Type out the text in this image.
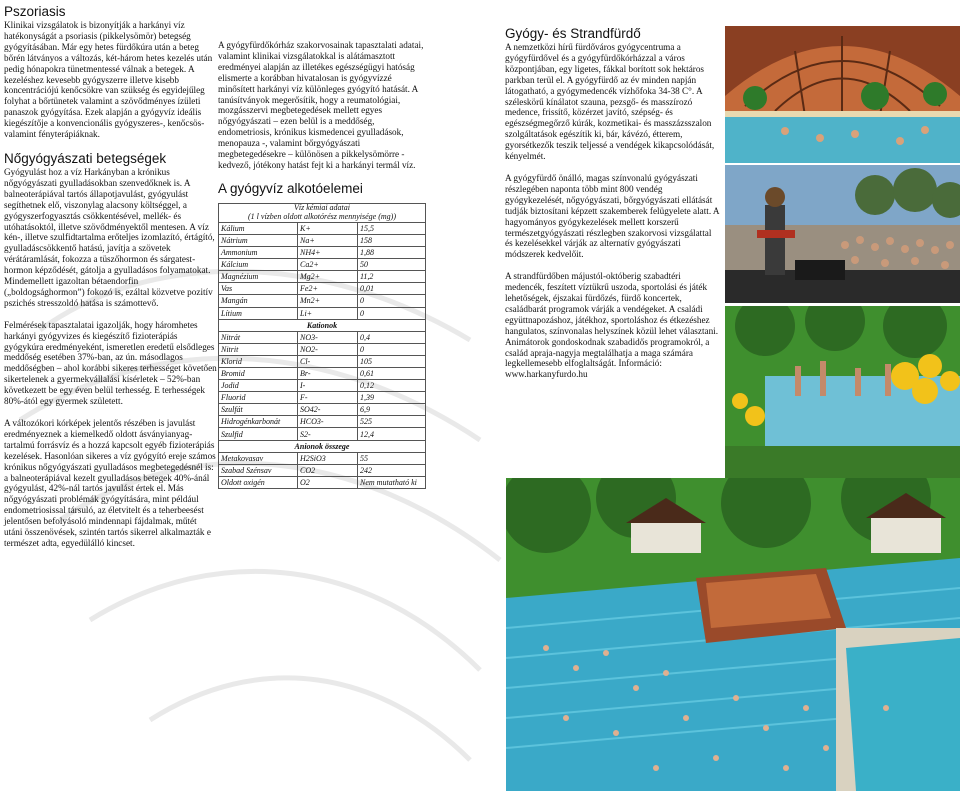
Pszoriasis

Klinikai vizsgálatok is bizonyítják a harkányi víz hatékonyságát a psoriasis (pikkelysömör) betegség gyógyításában. Már egy hetes fürdőkúra után a beteg bőrén látványos a változás, két-három hetes kezelés után pedig hónapokra tünetmentessé válnak a betegek. A kezeléshez kevesebb gyógyszerre illetve kisebb koncentrációjú kenőcsökre van szükség és egyidejűleg folyhat a bőrtünetek valamint a szövődményes ízületi panaszok gyógyítása. Ezek alapján a gyógyvíz ideális kiegészítője a konvencionális gyógyszeres-, kenőcsös- valamint fényterápiáknak.

Nőgyógyászati betegségek

Gyógyulást hoz a víz Harkányban a krónikus nőgyógyászati gyulladásokban szenvedőknek is. A balneoterápiával tartós állapotjavulást, gyógyulást segíthetnek elő, viszonylag alacsony költséggel, a gyógyszerfogyasztás csökkentésével, mellék- és utóhatásoktól, illetve szövődményektől mentesen. A víz kén-, illetve szulfidtartalma erőteljes izomlazító, értágító, gyulladáscsökkentő hatású, javítja a szövetek vérátáramlását, fokozza a tüszőhormon és sárgatest-hormon képződését, gátolja a gyulladásos folyamatokat. Mindemellett igazoltan bétaendorfin („boldogsághormon”) fokozó is, ezáltal közvetve pozitív pszichés stresszoldó hatása is számottevő.

Felmérések tapasztalatai igazolják, hogy háromhetes harkányi gyógyvizes és kiegészítő fizioterápiás gyógykúra eredményeként, ismeretlen eredetű elsődleges meddőség esetében 37%-ban, az ún. másodlagos meddőségben – ahol korábbi sikeres terhességet követően sikertelenek a gyermekvállalási kísérletek – 52%-ban következett be egy éven belül terhesség. E terhességek 80%-ától egy gyermek született.

A változókori kórképek jelentős részében is javulást eredményeznek a kiemelkedő oldott ásványianyag-tartalmú forrásvíz és a hozzá kapcsolt egyéb fizioterápiás kezelések. Hasonlóan sikeres a víz gyógyító ereje számos krónikus nőgyógyászati gyulladásos megbetegedésnél is: a balneoterápiával kezelt gyulladásos betegek 40%-ánál gyógyulást, 42%-nál tartós javulást értek el. Más nőgyógyászati problémák gyógyítására, mint például endometriosissal társuló, az életvitelt és a teherbeesést jelentősen befolyásoló mindennapi fájdalmak, műtét utáni összenövések, szintén tartós sikerrel alkalmazták e természet adta, egyedülálló kincset.

A gyógyfürdőkórház szakorvosainak tapasztalati adatai, valamint klinikai vizsgálatokkal is alátámasztott eredményei alapján az illetékes egészségügyi hatóság elismerte a korábban hivatalosan is gyógyvízzé minősített harkányi víz különleges gyógyító hatását. A tanúsítványok megerősítik, hogy a reumatológiai, mozgásszervi megbetegedések mellett egyes nőgyógyászati – ezen belül is a meddőség, endometriosis, krónikus kismedencei gyulladások, menopauza -, valamint bőrgyógyászati megbetegedésekre – különösen a pikkelysömörre - kedvező, jótékony hatást fejt ki a harkányi termál víz.

A gyógyvíz alkotóelemei
Víz kémiai adatai
(1 l vízben oldott alkotórész mennyisége (mg))		
Kálium	K+	15,5
Nátrium	Na+	158
Ammonium	NH4+	1,88
Kálcium	Ca2+	50
Magnézium	Mg2+	11,2
Vas	Fe2+	0,01
Mangán	Mn2+	0
Lítium	Li+	0
Kationok		
Nitrát	NO3-	0,4
Nitrit	NO2-	0
Klorid	Cl-	105
Bromid	Br-	0,61
Jodid	I-	0,12
Fluorid	F-	1,39
Szulfát	SO42-	6,9
Hidrogénkarbonát	HCO3-	525
Szulfid	S2-	12,4
Anionok összege		
Metakovasav	H2SiO3	55
Szabad Szénsav	CO2	242
Oldott oxigén	O2	Nem mutatható ki
Gyógy- és Strandfürdő

A nemzetközi hírű fürdőváros gyógycentruma a gyógyfürdővel és a gyógyfürdőkórházzal a város központjában, egy ligetes, fákkal borított sok hektáros parkban terül el. A gyógyfürdő az év minden napján látogatható, a gyógymedencék vízhőfoka 34-38 C°. A széleskörű kínálatot szauna, pezsgő- és masszírozó medence, frissítő, közérzet javító, szépség- és egészségmegőrző kúrák, kozmetikai- és masszázsszalon szolgáltatások egészítik ki, bár, kávézó, étterem, gyorsétkezők teszik teljessé a vendégek kikapcsolódását, kényelmét.

A gyógyfürdő önálló, magas színvonalú gyógyászati részlegében naponta több mint 800 vendég gyógykezelését, nőgyógyászati, bőrgyógyászati ellátását tudják biztosítani képzett szakemberek felügyelete alatt. A hagyományos gyógykezelések mellett korszerű természetgyógyászati részlegben szakorvosi vizsgálattal és kezelésekkel várják az alternatív gyógyászati módszerek kedvelőit.

A strandfürdőben májustól-októberig szabadtéri medencék, feszített víztükrű uszoda, sportolási és játék lehetőségek, éjszakai fürdőzés, fürdő koncertek, családbarát programok várják a vendégeket. A családi együttnapozáshoz, játékhoz, sportoláshoz és étkezéshez hangulatos, színvonalas helyszínek közül lehet választani. Animátorok gondoskodnak szabadidős programokról, a család apraja-nagyja megtalálhatja a maga számára legkellemesebb elfoglaltságát. Információ: www.harkanyfurdo.hu
